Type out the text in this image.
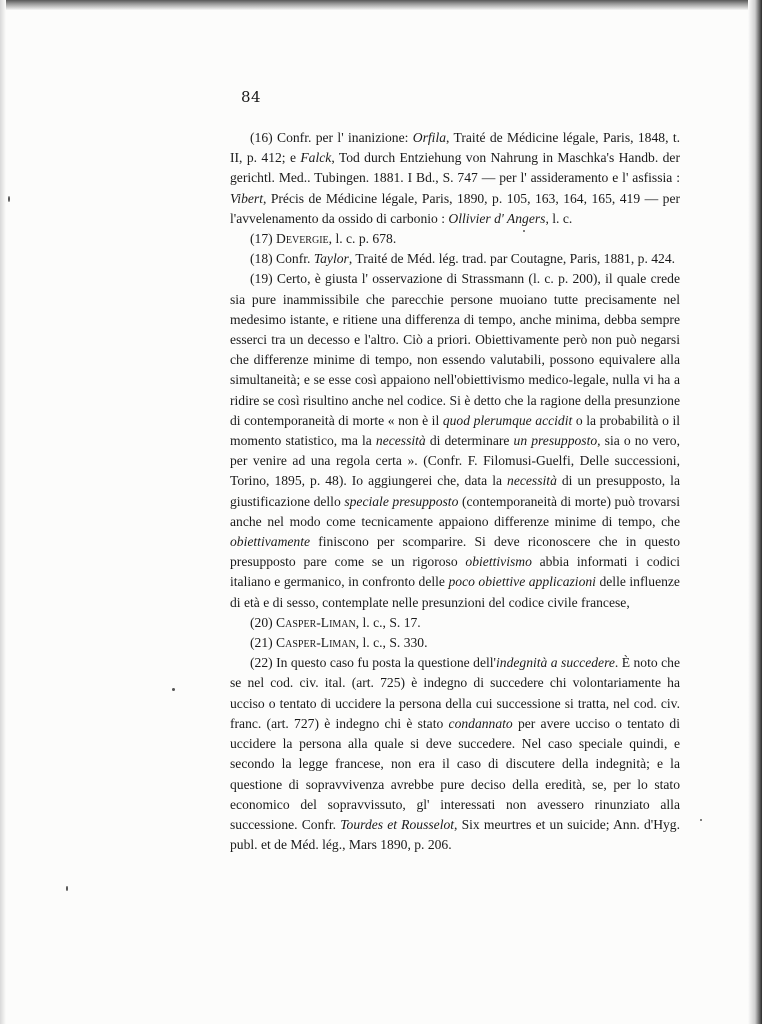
84

(16) Confr. per l' inanizione: Orfila, Traité de Médicine légale, Paris, 1848, t. II, p. 412; e Falck, Tod durch Entziehung von Nahrung in Maschka's Handb. der gerichtl. Med.. Tubingen. 1881. I Bd., S. 747 — per l' assideramento e l' asfissia : Vibert, Précis de Médicine légale, Paris, 1890, p. 105, 163, 164, 165, 419 — per l'avvelenamento da ossido di carbonio : Ollivier d' Angers, l. c.

(17) Devergie, l. c. p. 678.

(18) Confr. Taylor, Traité de Méd. lég. trad. par Coutagne, Paris, 1881, p. 424.

(19) Certo, è giusta l' osservazione di Strassmann (l. c. p. 200), il quale crede sia pure inammissibile che parecchie persone muoiano tutte precisamente nel medesimo istante, e ritiene una differenza di tempo, anche minima, debba sempre esserci tra un decesso e l'altro. Ciò a priori. Obiettivamente però non può negarsi che differenze minime di tempo, non essendo valutabili, possono equivalere alla simultaneità; e se esse così appaiono nell'obiettivismo medico-legale, nulla vi ha a ridire se così risultino anche nel codice. Si è detto che la ragione della presunzione di contemporaneità di morte « non è il quod plerumque accidit o la probabilità o il momento statistico, ma la necessità di determinare un presupposto, sia o no vero, per venire ad una regola certa ». (Confr. F. Filomusi-Guelfi, Delle successioni, Torino, 1895, p. 48). Io aggiungerei che, data la necessità di un presupposto, la giustificazione dello speciale presupposto (contemporaneità di morte) può trovarsi anche nel modo come tecnicamente appaiono differenze minime di tempo, che obiettivamente finiscono per scomparire. Si deve riconoscere che in questo presupposto pare come se un rigoroso obiettivismo abbia informati i codici italiano e germanico, in confronto delle poco obiettive applicazioni delle influenze di età e di sesso, contemplate nelle presunzioni del codice civile francese,

(20) Casper-Liman, l. c., S. 17.

(21) Casper-Liman, l. c., S. 330.

(22) In questo caso fu posta la questione dell'indegnità a succedere. È noto che se nel cod. civ. ital. (art. 725) è indegno di succedere chi volontariamente ha ucciso o tentato di uccidere la persona della cui successione si tratta, nel cod. civ. franc. (art. 727) è indegno chi è stato condannato per avere ucciso o tentato di uccidere la persona alla quale si deve succedere. Nel caso speciale quindi, e secondo la legge francese, non era il caso di discutere della indegnità; e la questione di sopravvivenza avrebbe pure deciso della eredità, se, per lo stato economico del sopravvissuto, gl' interessati non avessero rinunziato alla successione. Confr. Tourdes et Rousselot, Six meurtres et un suicide; Ann. d'Hyg. publ. et de Méd. lég., Mars 1890, p. 206.
